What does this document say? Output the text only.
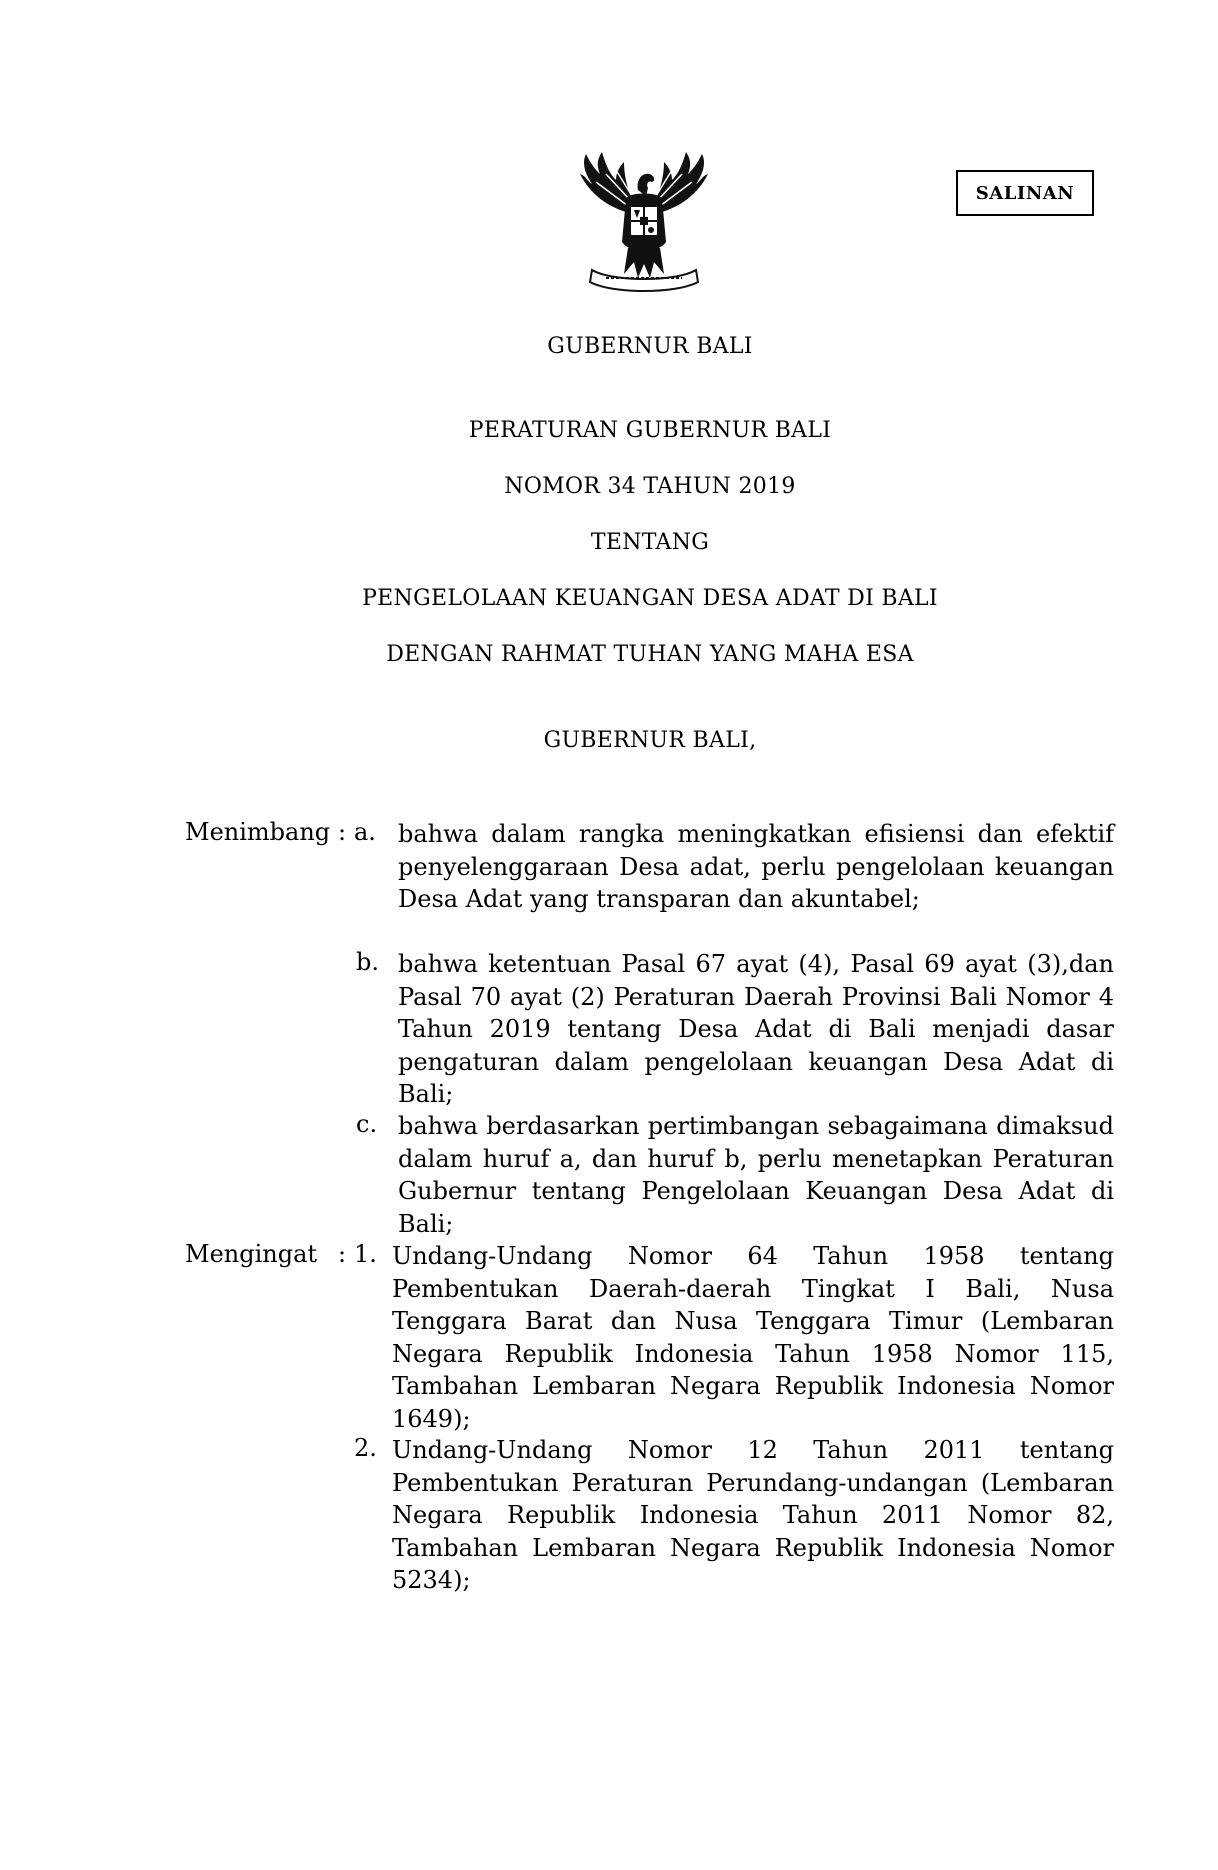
SALINAN
GUBERNUR BALI
PERATURAN GUBERNUR BALI
NOMOR 34 TAHUN 2019
TENTANG
PENGELOLAAN KEUANGAN DESA ADAT DI BALI
DENGAN RAHMAT TUHAN YANG MAHA ESA
GUBERNUR BALI,
Menimbang : a. bahwa dalam rangka meningkatkan efisiensi dan efektif penyelenggaraan Desa adat, perlu pengelolaan keuangan Desa Adat yang transparan dan akuntabel;
b. bahwa ketentuan Pasal 67 ayat (4), Pasal 69 ayat (3),dan Pasal 70 ayat (2) Peraturan Daerah Provinsi Bali Nomor 4 Tahun 2019 tentang Desa Adat di Bali menjadi dasar pengaturan dalam pengelolaan keuangan Desa Adat di Bali;
c. bahwa berdasarkan pertimbangan sebagaimana dimaksud dalam huruf a, dan huruf b, perlu menetapkan Peraturan Gubernur tentang Pengelolaan Keuangan Desa Adat di Bali;
Mengingat : 1. Undang-Undang Nomor 64 Tahun 1958 tentang Pembentukan Daerah-daerah Tingkat I Bali, Nusa Tenggara Barat dan Nusa Tenggara Timur (Lembaran Negara Republik Indonesia Tahun 1958 Nomor 115, Tambahan Lembaran Negara Republik Indonesia Nomor 1649);
2. Undang-Undang Nomor 12 Tahun 2011 tentang Pembentukan Peraturan Perundang-undangan (Lembaran Negara Republik Indonesia Tahun 2011 Nomor 82, Tambahan Lembaran Negara Republik Indonesia Nomor 5234);
